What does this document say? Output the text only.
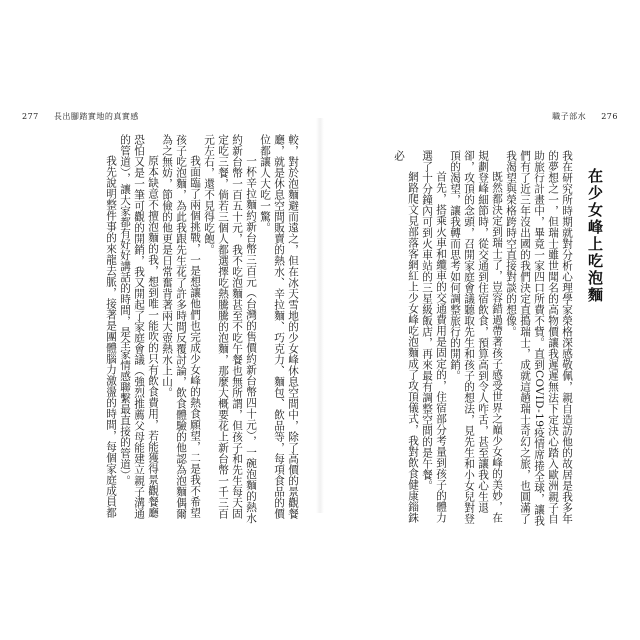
277 長出腳踏實地的真實感	職子部水 276
在少女峰上吃泡麵
我在研究所時期就對分析心理學家榮格深感敬佩，親自造訪他的故居是我多年的夢想之一，但瑞士雖世聞名的高物價讓我遲遲無法下定決心踏入歐洲親子自助旅行計畫中，畢竟一家四口所費不貲。直到COVID-19疫情席捲全球，讓我們有了近三年沒出國的我們決定直搗瑞士，成就這趟瑞士奇幻之旅，也圓滿了我渴望與榮格跨時空直接對談的想像。
既然都決定到瑞士了，豈容錯過帶著孩子感受世界之巔少女峰的美妙，在規劃登峰細節時，從交通到住宿飲食，預算高到令人咋舌，甚至讓我心生退卻，攻頂的念頭，召開家庭會議聽取先生和孩子的想法，見先生和小女兒對登頂的渴望，讓我轉而思考如何調整旅行的開銷。
首先，搭乘火車和纜車的交通費用是固定的，住宿部分考量到孩子的體力選了十分鐘內可到火車站的三星級飯店，再來最有調整空間的是午餐。
網路爬文見部落客網紅上少女峰吃泡麵成了攻頂儀式，我對飲食健康錙銖必
較，對於泡麵避而遠之，但在冰天雪地的少女峰休息空間中，除了高價的景觀餐廳，就是休息空間販賣的熱水、辛拉麵、巧克力、麵包、飲品等，每項食品的價位都讓人大吃一驚。
一杯辛拉麵約新台幣三百元（台灣的售價約新台幣四十元），一碗泡麵的熱水約新台幣一百五十元，我不吃泡麵甚至不吃午餐也無所謂，但孩子和先生每天固定吃三餐，倘若三個人都選擇吃熱騰騰的泡麵，那麼大概要花上新台幣一千三百元左右，還不見得吃飽。
我面臨了兩個挑戰，一是想讓他們也完成少女峰的熱食願望，二是我不希望孩子吃泡麵，為此我跟先生花了許多時間反覆討論，飲食體驗的他認為泡麵偶爾為之無妨，節儉的他更是日常奮背著兩大壺熱水上山。
原本缺意不擅泡麵的我，想到唯一能吹的只有飲食費用，若能獲得景觀餐廳恐怕又是一筆可觀的開銷，我又開起了家庭會議（強烈推薦父母能建立親子溝通的管道），讓大家都有好好講話的時間，是全家情感聯繫最直接的管道）。
我先說明整件事的來龍去脈，接著是團體腦力激盪的時間，每個家庭成員都
